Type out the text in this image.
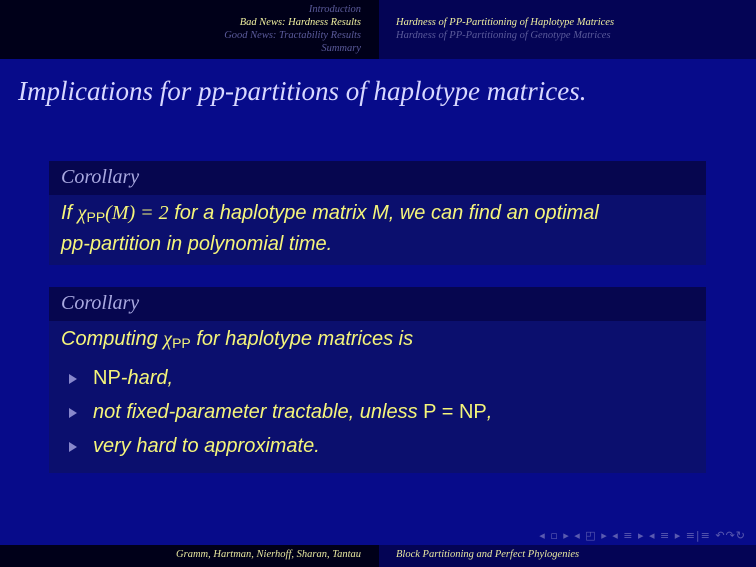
Introduction
Bad News: Hardness Results
Good News: Tractability Results
Summary
Hardness of PP-Partitioning of Haplotype Matrices
Hardness of PP-Partitioning of Genotype Matrices
Implications for pp-partitions of haplotype matrices.
Corollary
If $\chi_{PP}(M) = 2$ for a haplotype matrix M, we can find an optimal
pp-partition in polynomial time.
Corollary
Computing $\chi_{PP}$ for haplotype matrices is
NP-hard,
not fixed-parameter tractable, unless P = NP,
very hard to approximate.
◂ ▫ ▸ ◂ ◰ ▸ ◂ ≡ ▸ ◂ ≡ ▸ ≡|≡ ↶↷↻
Gramm, Hartman, Nierhoff, Sharan, Tantau	Block Partitioning and Perfect Phylogenies
